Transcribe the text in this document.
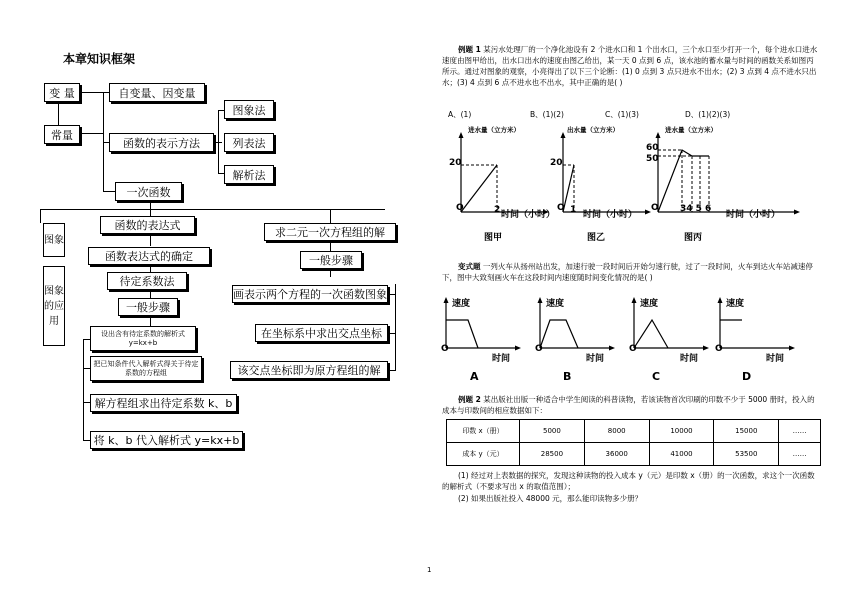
本章知识框架
变 量
常量
自变量、因变量
函数的表示方法
图象法
列表法
解析法
一次函数
图象
图象的应用
函数的表达式
函数表达式的确定
待定系数法
一般步骤
设出含有待定系数的解析式 y=kx+b
把已知条件代入解析式得关于待定系数的方程组
解方程组求出待定系数 k、b
将 k、b 代入解析式 y=kx+b
求二元一次方程组的解
一般步骤
画表示两个方程的一次函数图象
在坐标系中求出交点坐标
该交点坐标即为原方程组的解
例题 1 某污水处理厂的一个净化池设有 2 个进水口和 1 个出水口，三个水口至少打开一个，每个进水口进水速度由图甲给出，出水口出水的速度由图乙给出，某一天 0 点到 6 点，该水池的蓄水量与时间的函数关系如图丙所示。通过对图象的观察，小亮得出了以下三个论断：(1) 0 点到 3 点只进水不出水；(2) 3 点到 4 点不进水只出水；(3) 4 点到 6 点不进水也不出水，其中正确的是( )
A、(1)	B、(1)(2)	C、(1)(3)	D、(1)(2)(3)
进水量（立方米）
20
2
O
时间（小时）
图甲
出水量（立方米）
20
1
O
时间（小时）
图乙
进水量（立方米）
60
50
O 34 5 6
时间（小时）
图丙
变式题 一列火车从扬州站出发，加速行驶一段时间后开始匀速行驶，过了一段时间，火车到达火车站减速停下，图中大致刻画火车在这段时间内速度随时间变化情况的是( )
速度
O
时间
A
速度
O
时间
B
速度
O
时间
C
速度
O
时间
D
例题 2 某出版社出版一种适合中学生阅读的科普读物，若该读物首次印刷的印数不少于 5000 册时，投入的成本与印数间的相应数据如下：
印数 x（册）	5000	8000	10000	15000	……
成本 y（元）	28500	36000	41000	53500	……
(1) 经过对上表数据的探究，发现这种读物的投入成本 y（元）是印数 x（册）的一次函数，求这个一次函数的解析式（不要求写出 x 的取值范围）；
(2) 如果出版社投入 48000 元，那么能印读物多少册？
1
